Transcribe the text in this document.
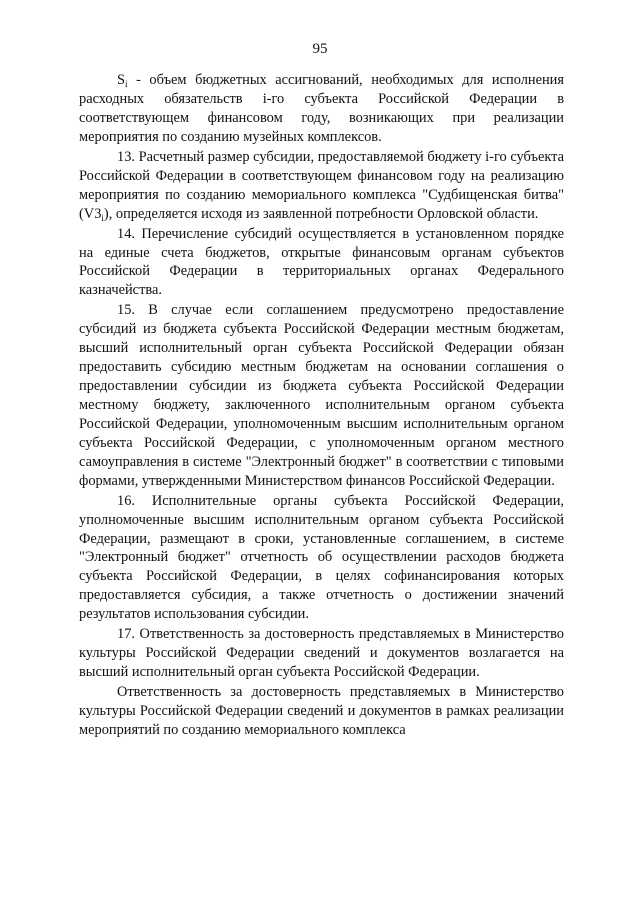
95

$S_i$ - объем бюджетных ассигнований, необходимых для исполнения расходных обязательств i-го субъекта Российской Федерации в соответствующем финансовом году, возникающих при реализации мероприятия по созданию музейных комплексов.

13. Расчетный размер субсидии, предоставляемой бюджету i-го субъекта Российской Федерации в соответствующем финансовом году на реализацию мероприятия по созданию мемориального комплекса "Судбищенская битва" $(V3_i)$, определяется исходя из заявленной потребности Орловской области.

14. Перечисление субсидий осуществляется в установленном порядке на единые счета бюджетов, открытые финансовым органам субъектов Российской Федерации в территориальных органах Федерального казначейства.

15. В случае если соглашением предусмотрено предоставление субсидий из бюджета субъекта Российской Федерации местным бюджетам, высший исполнительный орган субъекта Российской Федерации обязан предоставить субсидию местным бюджетам на основании соглашения о предоставлении субсидии из бюджета субъекта Российской Федерации местному бюджету, заключенного исполнительным органом субъекта Российской Федерации, уполномоченным высшим исполнительным органом субъекта Российской Федерации, с уполномоченным органом местного самоуправления в системе "Электронный бюджет" в соответствии с типовыми формами, утвержденными Министерством финансов Российской Федерации.

16. Исполнительные органы субъекта Российской Федерации, уполномоченные высшим исполнительным органом субъекта Российской Федерации, размещают в сроки, установленные соглашением, в системе "Электронный бюджет" отчетность об осуществлении расходов бюджета субъекта Российской Федерации, в целях софинансирования которых предоставляется субсидия, а также отчетность о достижении значений результатов использования субсидии.

17. Ответственность за достоверность представляемых в Министерство культуры Российской Федерации сведений и документов возлагается на высший исполнительный орган субъекта Российской Федерации.

Ответственность за достоверность представляемых в Министерство культуры Российской Федерации сведений и документов в рамках реализации мероприятий по созданию мемориального комплекса
